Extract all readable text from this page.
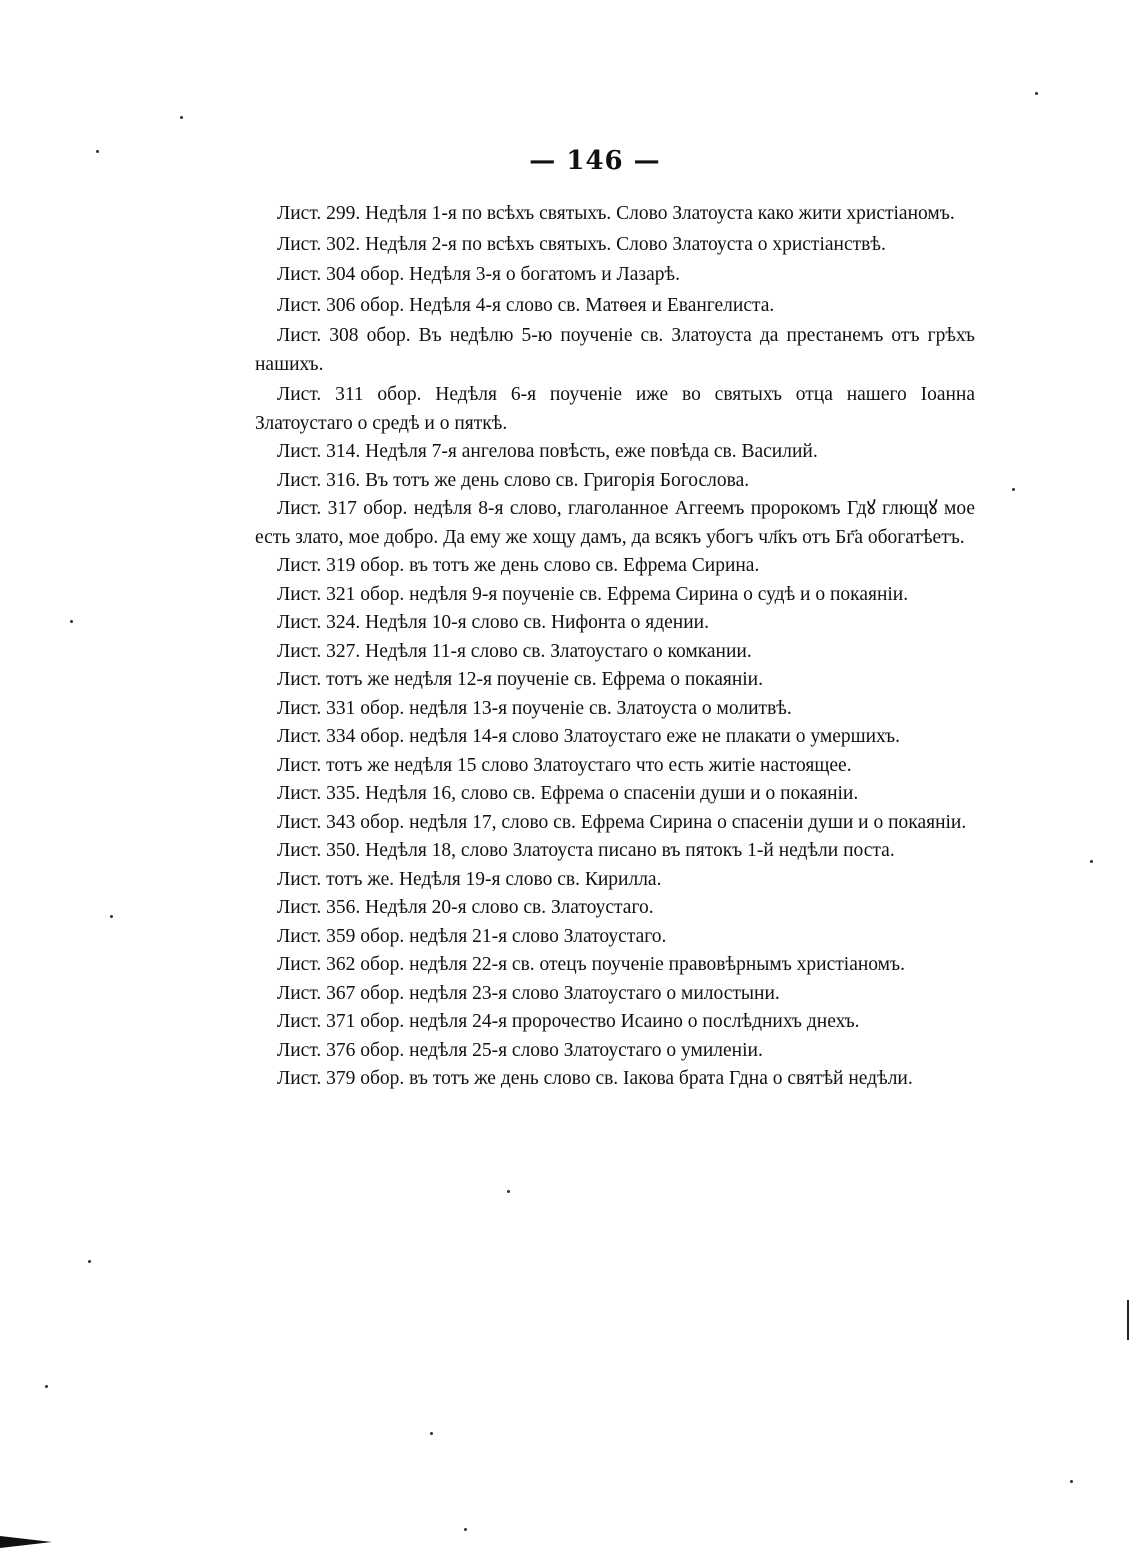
— 146 —

Лист. 299. Недѣля 1-я по всѣхъ святыхъ. Слово Златоуста како жити христіаномъ.

Лист. 302. Недѣля 2-я по всѣхъ святыхъ. Слово Златоуста о христіанствѣ.

Лист. 304 обор. Недѣля 3-я о богатомъ и Лазарѣ.

Лист. 306 обор. Недѣля 4-я слово св. Матѳея и Евангелиста.

Лист. 308 обор. Въ недѣлю 5-ю поученіе св. Златоуста да престанемъ отъ грѣхъ нашихъ.

Лист. 311 обор. Недѣля 6-я поученіе иже во святыхъ отца нашего Іоанна Златоустаго о средѣ и о пяткѣ.

Лист. 314. Недѣля 7-я ангелова повѣсть, еже повѣда св. Василий.

Лист. 316. Въ тотъ же день слово св. Григорія Богослова.

Лист. 317 обор. недѣля 8-я слово, глаголанное Аггеемъ пророкомъ Гдꙋ глющꙋ мое есть злато, мое добро. Да ему же хощу дамъ, да всякъ убогъ чл҃къ отъ Бг҃а обогатѣетъ.

Лист. 319 обор. въ тотъ же день слово св. Ефрема Сирина.

Лист. 321 обор. недѣля 9-я поученіе св. Ефрема Сирина о судѣ и о покаяніи.

Лист. 324. Недѣля 10-я слово св. Нифонта о ядении.

Лист. 327. Недѣля 11-я слово св. Златоустаго о комкании.

Лист. тотъ же недѣля 12-я поученіе св. Ефрема о покаяніи.

Лист. 331 обор. недѣля 13-я поученіе св. Златоуста о молитвѣ.

Лист. 334 обор. недѣля 14-я слово Златоустаго еже не плакати о умершихъ.

Лист. тотъ же недѣля 15 слово Златоустаго что есть житіе настоящее.

Лист. 335. Недѣля 16, слово св. Ефрема о спасеніи души и о покаяніи.

Лист. 343 обор. недѣля 17, слово св. Ефрема Сирина о спасеніи души и о покаяніи.

Лист. 350. Недѣля 18, слово Златоуста писано въ пятокъ 1-й недѣли поста.

Лист. тотъ же. Недѣля 19-я слово св. Кирилла.

Лист. 356. Недѣля 20-я слово св. Златоустаго.

Лист. 359 обор. недѣля 21-я слово Златоустаго.

Лист. 362 обор. недѣля 22-я св. отецъ поученіе правовѣрнымъ христіаномъ.

Лист. 367 обор. недѣля 23-я слово Златоустаго о милостыни.

Лист. 371 обор. недѣля 24-я пророчество Исаино о послѣднихъ днехъ.

Лист. 376 обор. недѣля 25-я слово Златоустаго о умиленіи.

Лист. 379 обор. въ тотъ же день слово св. Іакова брата Гдна о святѣй недѣли.
